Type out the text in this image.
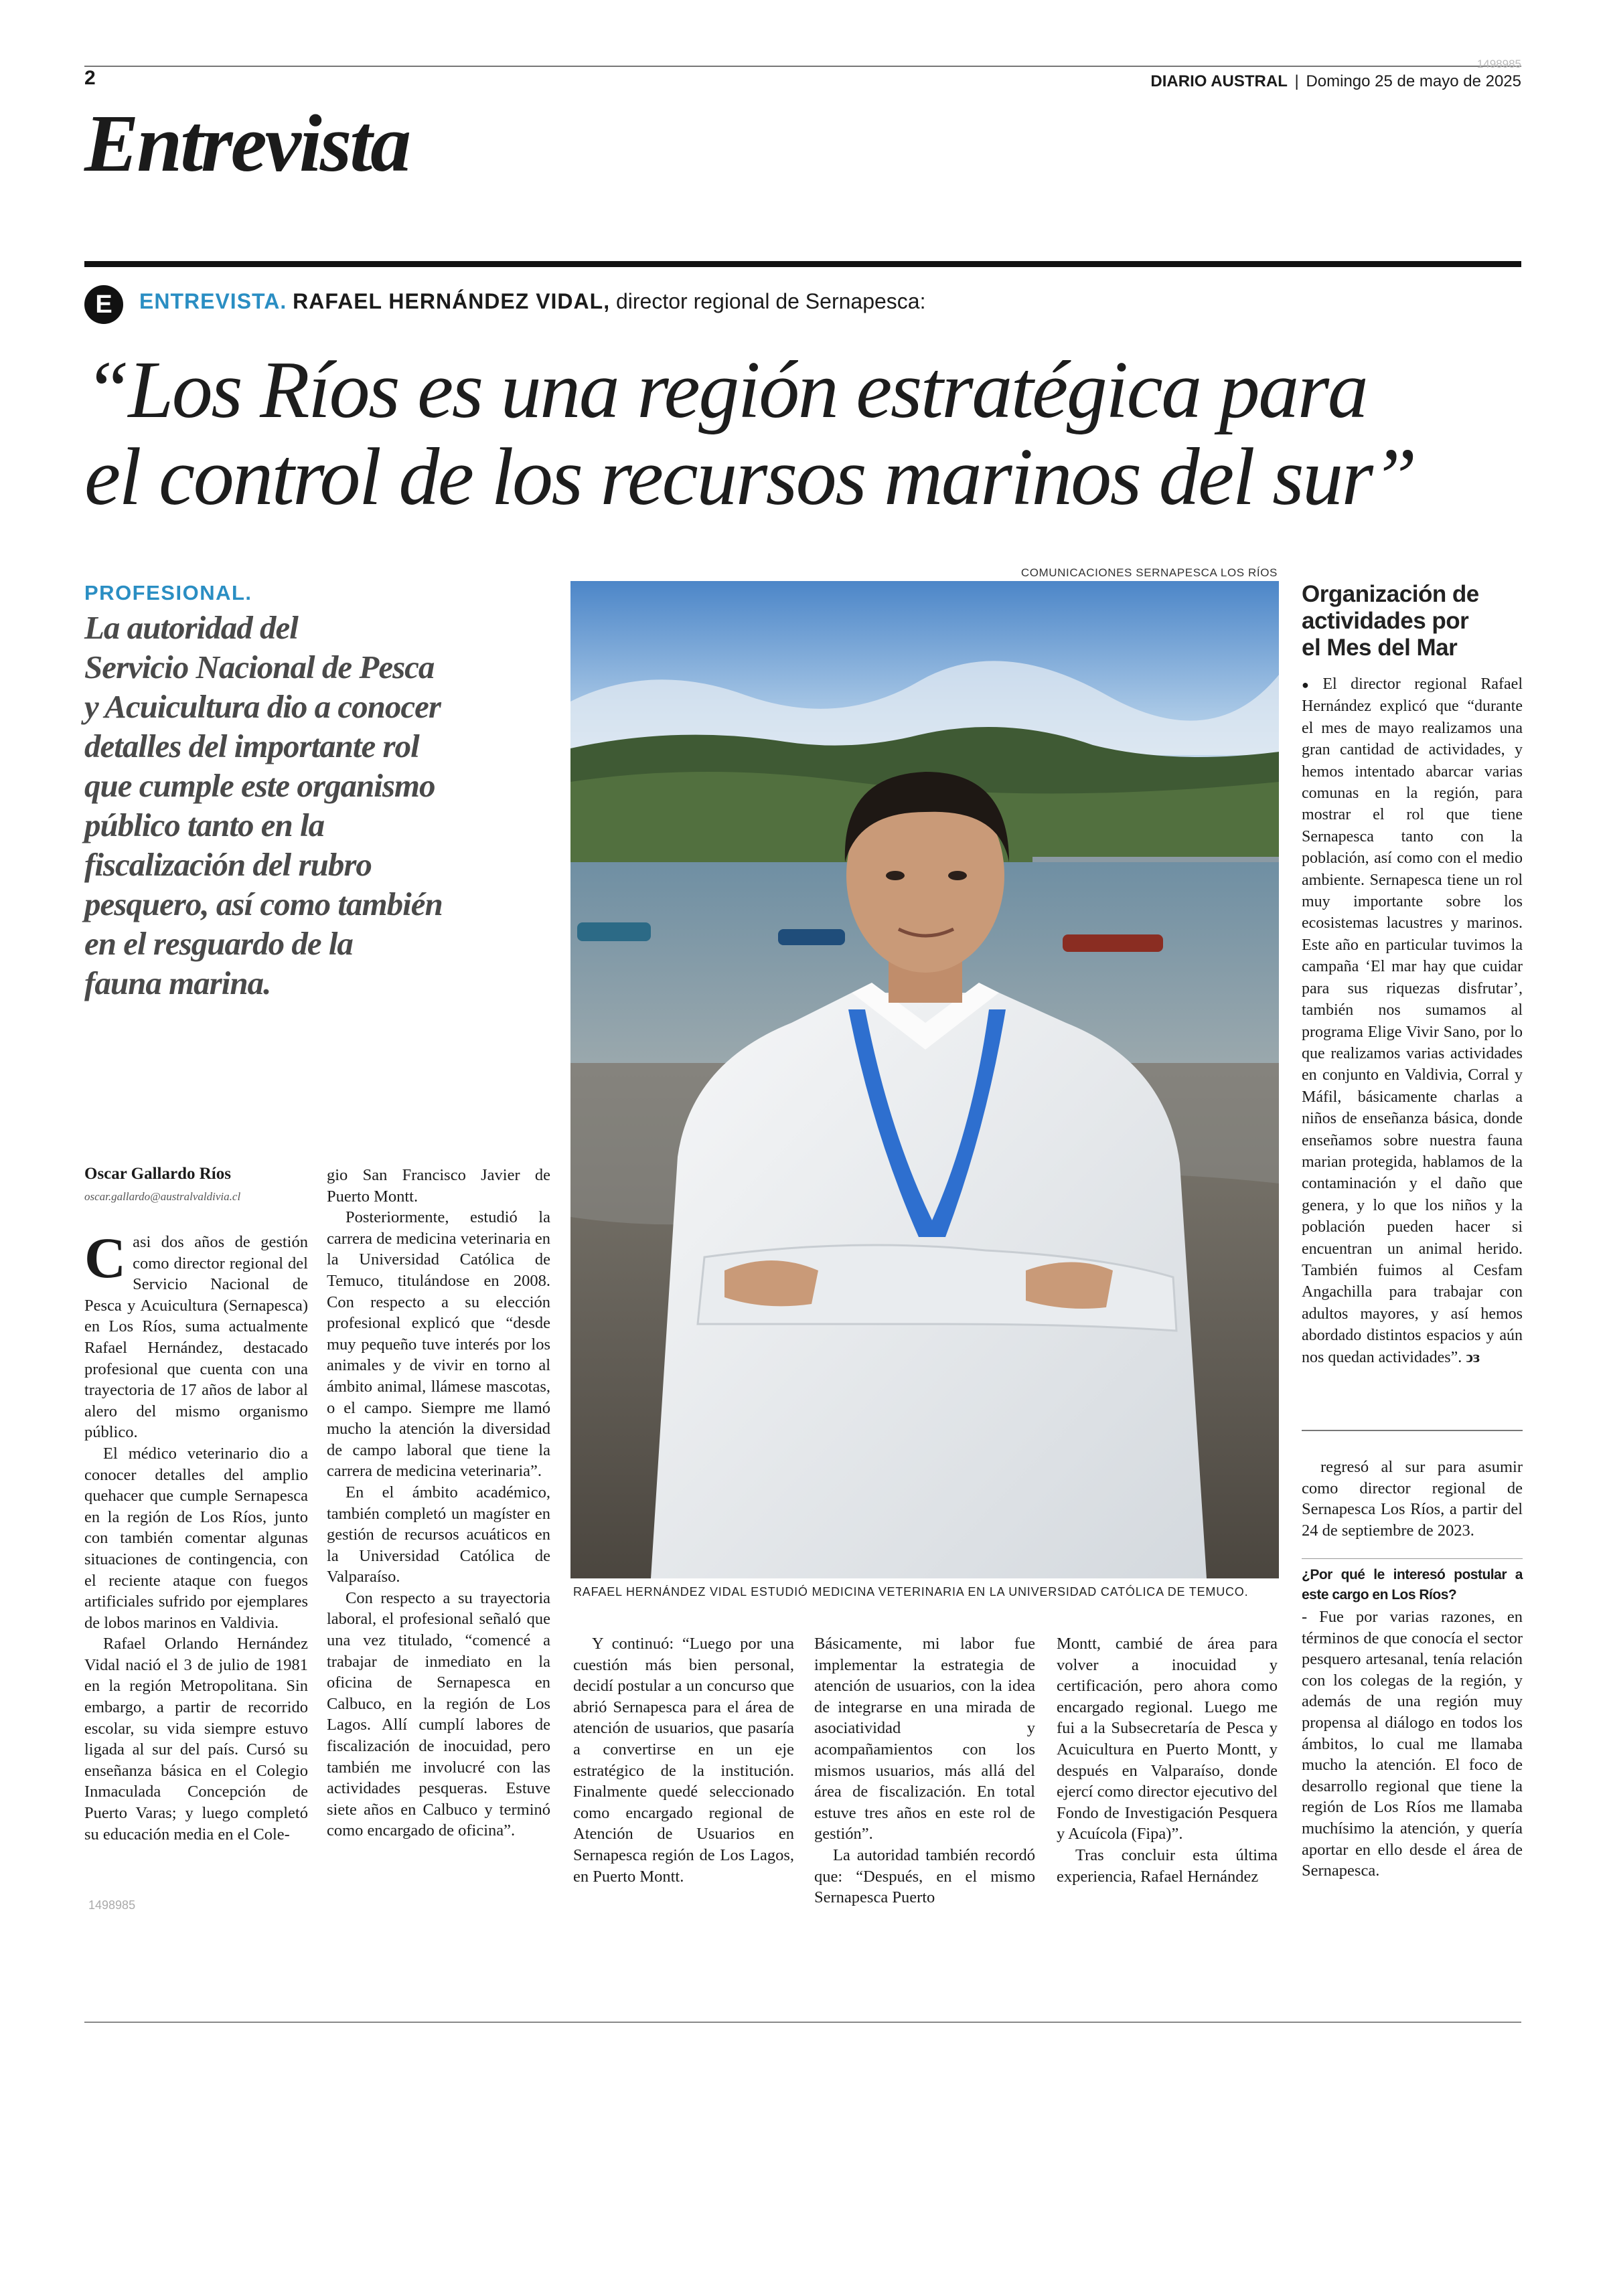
2
1498985
DIARIO AUSTRAL | Domingo 25 de mayo de 2025
Entrevista
E	ENTREVISTA. RAFAEL HERNÁNDEZ VIDAL, director regional de Sernapesca:
“Los Ríos es una región estratégica para
el control de los recursos marinos del sur”
PROFESIONAL.
La autoridad del
Servicio Nacional de Pesca
y Acuicultura dio a conocer
detalles del importante rol
que cumple este organismo
público tanto en la
fiscalización del rubro
pesquero, así como también
en el resguardo de la
fauna marina.
Oscar Gallardo Ríos
oscar.gallardo@australvaldivia.cl
COMUNICACIONES SERNAPESCA LOS RÍOS
RAFAEL HERNÁNDEZ VIDAL ESTUDIÓ MEDICINA VETERINARIA EN LA UNIVERSIDAD CATÓLICA DE TEMUCO.

Casi dos años de gestión como director regional del Servicio Nacional de Pesca y Acuicultura (Sernapesca) en Los Ríos, suma actualmente Rafael Hernández, destacado profesional que cuenta con una trayectoria de 17 años de labor al alero del mismo organismo público.

El médico veterinario dio a conocer detalles del amplio quehacer que cumple Sernapesca en la región de Los Ríos, junto con también comentar algunas situaciones de contingencia, con el reciente ataque con fuegos artificiales sufrido por ejemplares de lobos marinos en Valdivia.

Rafael Orlando Hernández Vidal nació el 3 de julio de 1981 en la región Metropolitana. Sin embargo, a partir de recorrido escolar, su vida siempre estuvo ligada al sur del país. Cursó su enseñanza básica en el Colegio Inmaculada Concepción de Puerto Varas; y luego completó su educación media en el Cole-

1498985

gio San Francisco Javier de Puerto Montt.

Posteriormente, estudió la carrera de medicina veterinaria en la Universidad Católica de Temuco, titulándose en 2008. Con respecto a su elección profesional explicó que “desde muy pequeño tuve interés por los animales y de vivir en torno al ámbito animal, llámese mascotas, o el campo. Siempre me llamó mucho la atención la diversidad de campo laboral que tiene la carrera de medicina veterinaria”.

En el ámbito académico, también completó un magíster en gestión de recursos acuáticos en la Universidad Católica de Valparaíso.

Con respecto a su trayectoria laboral, el profesional señaló que una vez titulado, “comencé a trabajar de inmediato en la oficina de Sernapesca en Calbuco, en la región de Los Lagos. Allí cumplí labores de fiscalización de inocuidad, pero también me involucré con las actividades pesqueras. Estuve siete años en Calbuco y terminó como encargado de oficina”.

Y continuó: “Luego por una cuestión más bien personal, decidí postular a un concurso que abrió Sernapesca para el área de atención de usuarios, que pasaría a convertirse en un eje estratégico de la institución. Finalmente quedé seleccionado como encargado regional de Atención de Usuarios en Sernapesca región de Los Lagos, en Puerto Montt.

Básicamente, mi labor fue implementar la estrategia de atención de usuarios, con la idea de integrarse en una mirada de asociatividad y acompañamientos con los mismos usuarios, más allá del área de fiscalización. En total estuve tres años en este rol de gestión”.

La autoridad también recordó que: “Después, en el mismo Sernapesca Puerto

Montt, cambié de área para volver a inocuidad y certificación, pero ahora como encargado regional. Luego me fui a la Subsecretaría de Pesca y Acuicultura en Puerto Montt, y después en Valparaíso, donde ejercí como director ejecutivo del Fondo de Investigación Pesquera y Acuícola (Fipa)”.

Tras concluir esta última experiencia, Rafael Hernández

Organización de
actividades por
el Mes del Mar

● El director regional Rafael Hernández explicó que “durante el mes de mayo realizamos una gran cantidad de actividades, y hemos intentado abarcar varias comunas en la región, para mostrar el rol que tiene Sernapesca tanto con la población, así como con el medio ambiente. Sernapesca tiene un rol muy importante sobre los ecosistemas lacustres y marinos. Este año en particular tuvimos la campaña ‘El mar hay que cuidar para sus riquezas disfrutar’, también nos sumamos al programa Elige Vivir Sano, por lo que realizamos varias actividades en conjunto en Valdivia, Corral y Máfil, básicamente charlas a niños de enseñanza básica, donde enseñamos sobre nuestra fauna marian protegida, hablamos de la contaminación y el daño que genera, y lo que los niños y la población pueden hacer si encuentran un animal herido. También fuimos al Cesfam Angachilla para trabajar con adultos mayores, y así hemos abordado distintos espacios y aún nos quedan actividades”. ↄɜ

regresó al sur para asumir como director regional de Sernapesca Los Ríos, a partir del 24 de septiembre de 2023.

¿Por qué le interesó postular a este cargo en Los Ríos?

- Fue por varias razones, en términos de que conocía el sector pesquero artesanal, tenía relación con los colegas de la región, y además de una región muy propensa al diálogo en todos los ámbitos, lo cual me llamaba mucho la atención. El foco de desarrollo regional que tiene la región de Los Ríos me llamaba muchísimo la atención, y quería aportar en ello desde el área de Sernapesca.
